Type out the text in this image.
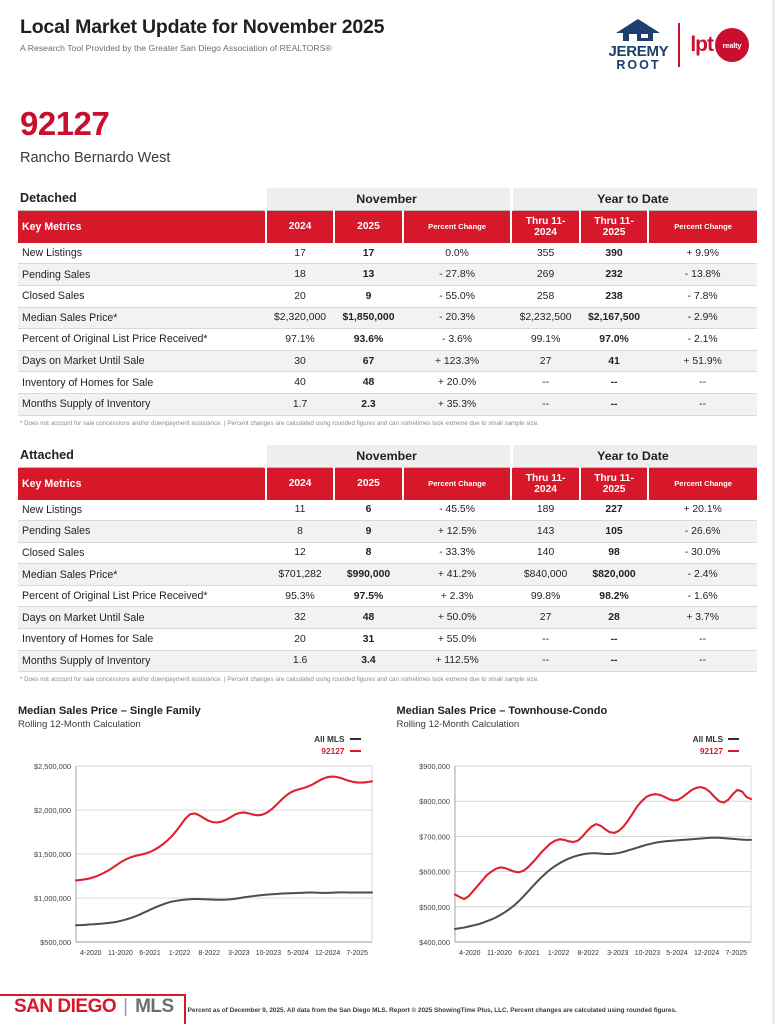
Local Market Update for November 2025
A Research Tool Provided by the Greater San Diego Association of REALTORS®	JEREMY
ROOT
lpt	realty
92127
Rancho Bernardo West
Detached	November			Year to Date		
Key Metrics	2024	2025	Percent Change	Thru 11-2024	Thru 11-2025	Percent Change
New Listings	17	17	0.0%	355	390	+ 9.9%
Pending Sales	18	13	- 27.8%	269	232	- 13.8%
Closed Sales	20	9	- 55.0%	258	238	- 7.8%
Median Sales Price*	$2,320,000	$1,850,000	- 20.3%	$2,232,500	$2,167,500	- 2.9%
Percent of Original List Price Received*	97.1%	93.6%	- 3.6%	99.1%	97.0%	- 2.1%
Days on Market Until Sale	30	67	+ 123.3%	27	41	+ 51.9%
Inventory of Homes for Sale	40	48	+ 20.0%	--	--	--
Months Supply of Inventory	1.7	2.3	+ 35.3%	--	--	--
* Does not account for sale concessions and/or downpayment assistance. | Percent changes are calculated using rounded figures and can sometimes look extreme due to small sample size.
Attached	November			Year to Date		
Key Metrics	2024	2025	Percent Change	Thru 11-2024	Thru 11-2025	Percent Change
New Listings	11	6	- 45.5%	189	227	+ 20.1%
Pending Sales	8	9	+ 12.5%	143	105	- 26.6%
Closed Sales	12	8	- 33.3%	140	98	- 30.0%
Median Sales Price*	$701,282	$990,000	+ 41.2%	$840,000	$820,000	- 2.4%
Percent of Original List Price Received*	95.3%	97.5%	+ 2.3%	99.8%	98.2%	- 1.6%
Days on Market Until Sale	32	48	+ 50.0%	27	28	+ 3.7%
Inventory of Homes for Sale	20	31	+ 55.0%	--	--	--
Months Supply of Inventory	1.6	3.4	+ 112.5%	--	--	--
* Does not account for sale concessions and/or downpayment assistance. | Percent changes are calculated using rounded figures and can sometimes look extreme due to small sample size.
Median Sales Price – Single Family
Rolling 12-Month Calculation
All MLS
92127
$500,000
$1,000,000
$1,500,000
$2,000,000
$2,500,000
4-2020 11-2020 6-2021 1-2022 8-2022 3-2023 10-2023 5-2024 12-2024 7-2025
Median Sales Price – Townhouse-Condo
Rolling 12-Month Calculation
All MLS
92127
$400,000
$500,000
$600,000
$700,000
$800,000
$900,000
4-2020 11-2020 6-2021 1-2022 8-2022 3-2023 10-2023 5-2024 12-2024 7-2025
SAN DIEGO | MLS	Percent as of December 9, 2025. All data from the San Diego MLS. Report © 2025 ShowingTime Plus, LLC. Percent changes are calculated using rounded figures.
